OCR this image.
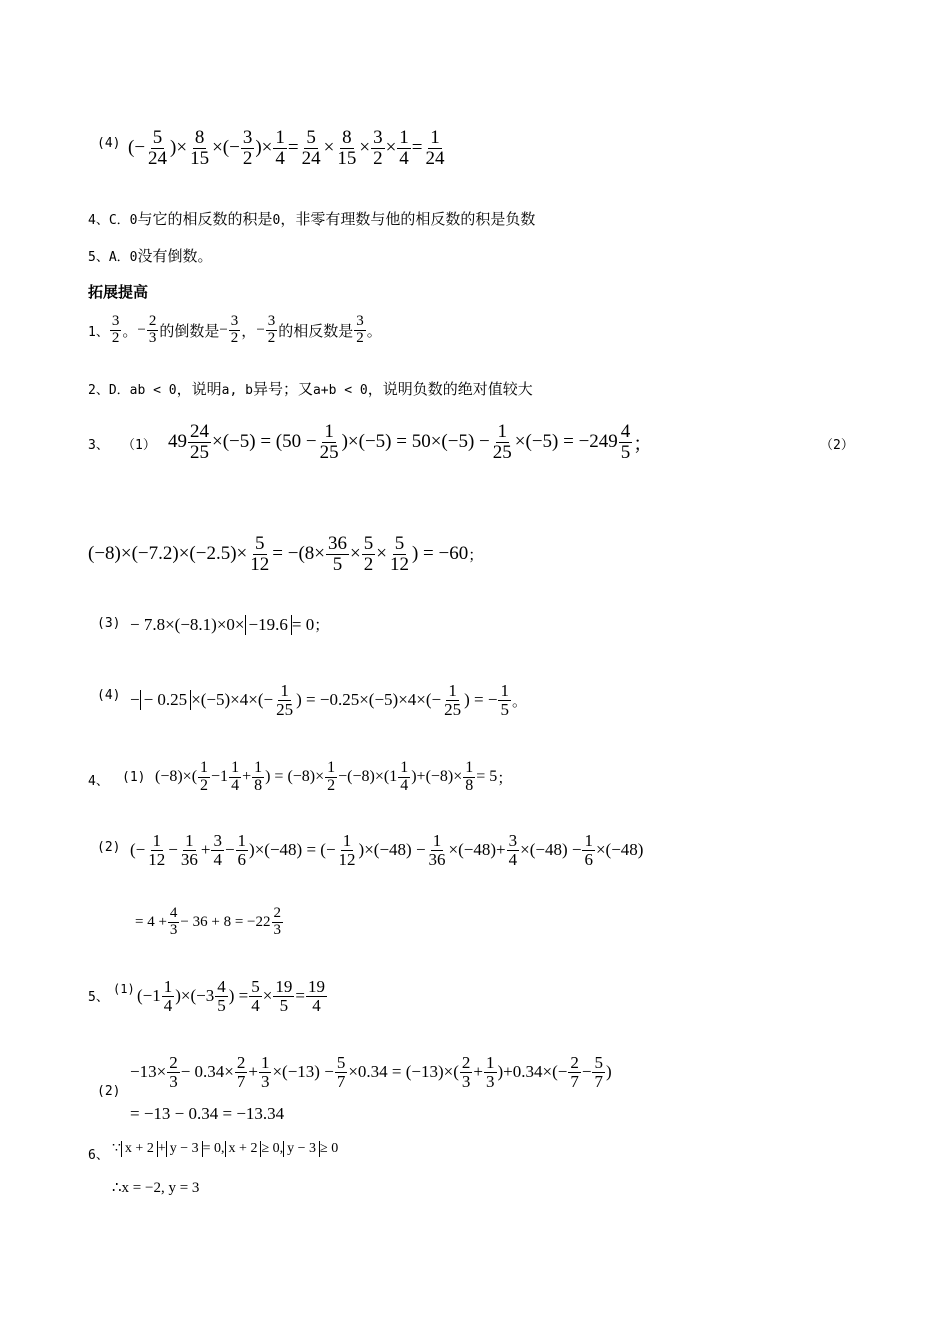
(4) (− $\frac{5}{24}$ )× $\frac{8}{15}$ ×(− $\frac{3}{2}$ )× $\frac{1}{4} = \frac{5}{24} \times \frac{8}{15} \times \frac{3}{2} \times \frac{1}{4} = \frac{1}{24}$
4、C．0与它的相反数的积是0，非零有理数与他的相反数的积是负数
5、A．0没有倒数。
拓展提高
1、
3
2 。 − $\frac{2}{3}$ 的倒数是 − $\frac{3}{2}$ ， − $\frac{3}{2}$ 的相反数是
3
2 。
2、D．ab < 0，说明a, b异号；又a+b < 0，说明负数的绝对值较大
3、 （1） $49 \frac{24}{25} \times(-5) = (50 - \frac{1}{25} )\times(-5) = 50\times(-5) - \frac{1}{25} \times(-5) = -249$ 4
5 ；	（2）
$(-8)\times(-7.2)\times(-2.5)\times \frac{5}{12} = -(8\times \frac{36}{5} \times \frac{5}{2} \times \frac{5}{12}$ ) = −60 ；
(3) − 7.8×(−8.1)×0× −19.6 = 0 ；
(4) − − $0.25 \times(-5)\times 4\times(- \frac{1}{25}$ ) = $-0.25\times(-5)\times 4\times(- \frac{1}{25}$ ) = − $\frac{1}{5}$ 。
4、 (1) (−8)×(
1
2 −1
1
$4 + \frac{1}{8}$ ) = $(-8)\times \frac{1}{2} -(-8)\times(1$
1
4 )$+(-8)\times \frac{1}{8} = 5$ ；
(2) (− $\frac{1}{12} - \frac{1}{36} + \frac{3}{4} - \frac{1}{6} )\times(-48)$ = (− $\frac{1}{12} )\times(-48) - \frac{1}{36} \times(-48)+ \frac{3}{4} \times(-48) - \frac{1}{6} \times(-48)$
= $4 + \frac{4}{3} - 36 + 8 = -22$
2
3
5、
(1) (−1 1
4 )×(−3 4
5 ) = $\frac{5}{4} \times \frac{19}{5} = \frac{19}{4}$
(2)
$-13\times \frac{2}{3} - 0.34\times \frac{2}{7} + \frac{1}{3} \times(-13) - \frac{5}{7} \times 0.34 = (-13)\times$( 2
$3 + \frac{1}{3} )+0.34\times(- \frac{2}{7} - \frac{5}{7}$ )
= −13 − 0.34 = −13.34
6、 ∵ x + 2 + y − 3 = 0, x + 2 ≥ 0, y − 3 ≥ 0
∴x = −2, y = 3
